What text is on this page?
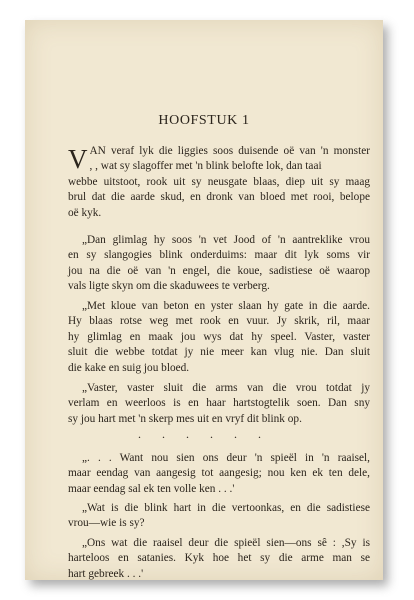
HOOFSTUK 1
V AN veraf lyk die liggies soos duisende oë van 'n monster
, , wat sy slagoffer met 'n blink belofte lok, dan taai
webbe uitstoot, rook uit sy neusgate blaas, diep uit sy maag
brul dat die aarde skud, en dronk van bloed met rooi, belope
oë kyk.
„Dan glimlag hy soos 'n vet Jood of 'n aantreklike vrou
en sy slangogies blink onderduims: maar dit lyk soms vir
jou na die oë van 'n engel, die koue, sadistiese oë waarop
vals ligte skyn om die skaduwees te verberg.
„Met kloue van beton en yster slaan hy gate in die aarde.
Hy blaas rotse weg met rook en vuur. Jy skrik, ril, maar
hy glimlag en maak jou wys dat hy speel. Vaster, vaster
sluit die webbe totdat jy nie meer kan vlug nie. Dan sluit
die kake en suig jou bloed.
„Vaster, vaster sluit die arms van die vrou totdat jy
verlam en weerloos is en haar hartstogtelik soen. Dan sny
sy jou hart met 'n skerp mes uit en vryf dit blink op.

. . . . . .

„. . . Want nou sien ons deur 'n spieël in 'n raaisel,
maar eendag van aangesig tot aangesig; nou ken ek ten dele,
maar eendag sal ek ten volle ken . . .'
„Wat is die blink hart in die vertoonkas, en die sadistiese
vrou—wie is sy?
„Ons wat die raaisel deur die spieël sien—ons sê : ,Sy is
harteloos en satanies. Kyk hoe het sy die arme man se
hart gebreek . . .'
